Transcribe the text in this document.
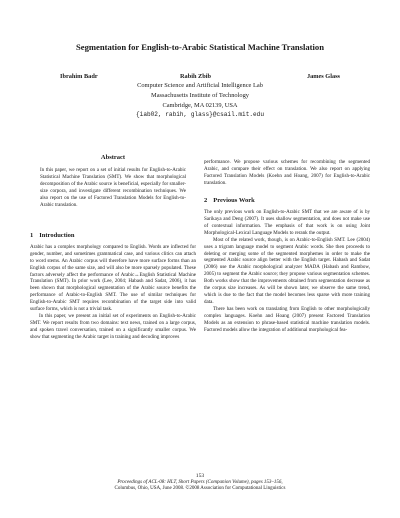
Segmentation for English-to-Arabic Statistical Machine Translation
Ibrahim Badr	Rabih Zbib	James Glass
Computer Science and Artificial Intelligence Lab
Massachusetts Institute of Technology
Cambridge, MA 02139, USA
{iab02, rabih, glass}@csail.mit.edu
Abstract

In this paper, we report on a set of initial results for English-to-Arabic Statistical Machine Translation (SMT). We show that morphological decomposition of the Arabic source is beneficial, especially for smaller-size corpora, and investigate different recombination techniques. We also report on the use of Factored Translation Models for English-to-Arabic translation.

1 Introduction

Arabic has a complex morphology compared to English. Words are inflected for gender, number, and sometimes grammatical case, and various clitics can attach to word stems. An Arabic corpus will therefore have more surface forms than an English corpus of the same size, and will also be more sparsely populated. These factors adversely affect the performance of Arabic↔English Statistical Machine Translation (SMT). In prior work (Lee, 2004; Habash and Sadat, 2006), it has been shown that morphological segmentation of the Arabic source benefits the performance of Arabic-to-English SMT. The use of similar techniques for English-to-Arabic SMT requires recombination of the target side into valid surface forms, which is not a trivial task.

In this paper, we present an initial set of experiments on English-to-Arabic SMT. We report results from two domains: text news, trained on a large corpus, and spoken travel conversation, trained on a significantly smaller corpus. We show that segmenting the Arabic target in training and decoding improves

performance. We propose various schemes for recombining the segmented Arabic, and compare their effect on translation. We also report on applying Factored Translation Models (Koehn and Hoang, 2007) for English-to-Arabic translation.

2 Previous Work

The only previous work on English-to-Arabic SMT that we are aware of is by Sarikaya and Deng (2007). It uses shallow segmentation, and does not make use of contextual information. The emphasis of that work is on using Joint Morphological-Lexical Language Models to rerank the output.

Most of the related work, though, is on Arabic-to-English SMT. Lee (2004) uses a trigram language model to segment Arabic words. She then proceeds to deleting or merging some of the segmented morphemes in order to make the segmented Arabic source align better with the English target. Habash and Sadat (2006) use the Arabic morphological analyzer MADA (Habash and Rambow, 2005) to segment the Arabic source; they propose various segmentation schemes. Both works show that the improvements obtained from segmentation decrease as the corpus size increases. As will be shown later, we observe the same trend, which is due to the fact that the model becomes less sparse with more training data.

There has been work on translating from English to other morphologically complex languages. Koehn and Hoang (2007) present Factored Translation Models as an extension to phrase-based statistical machine translation models. Factored models allow the integration of additional morphological fea-

153
Proceedings of ACL-08: HLT, Short Papers (Companion Volume), pages 153–156,
Columbus, Ohio, USA, June 2008. ©2008 Association for Computational Linguistics
